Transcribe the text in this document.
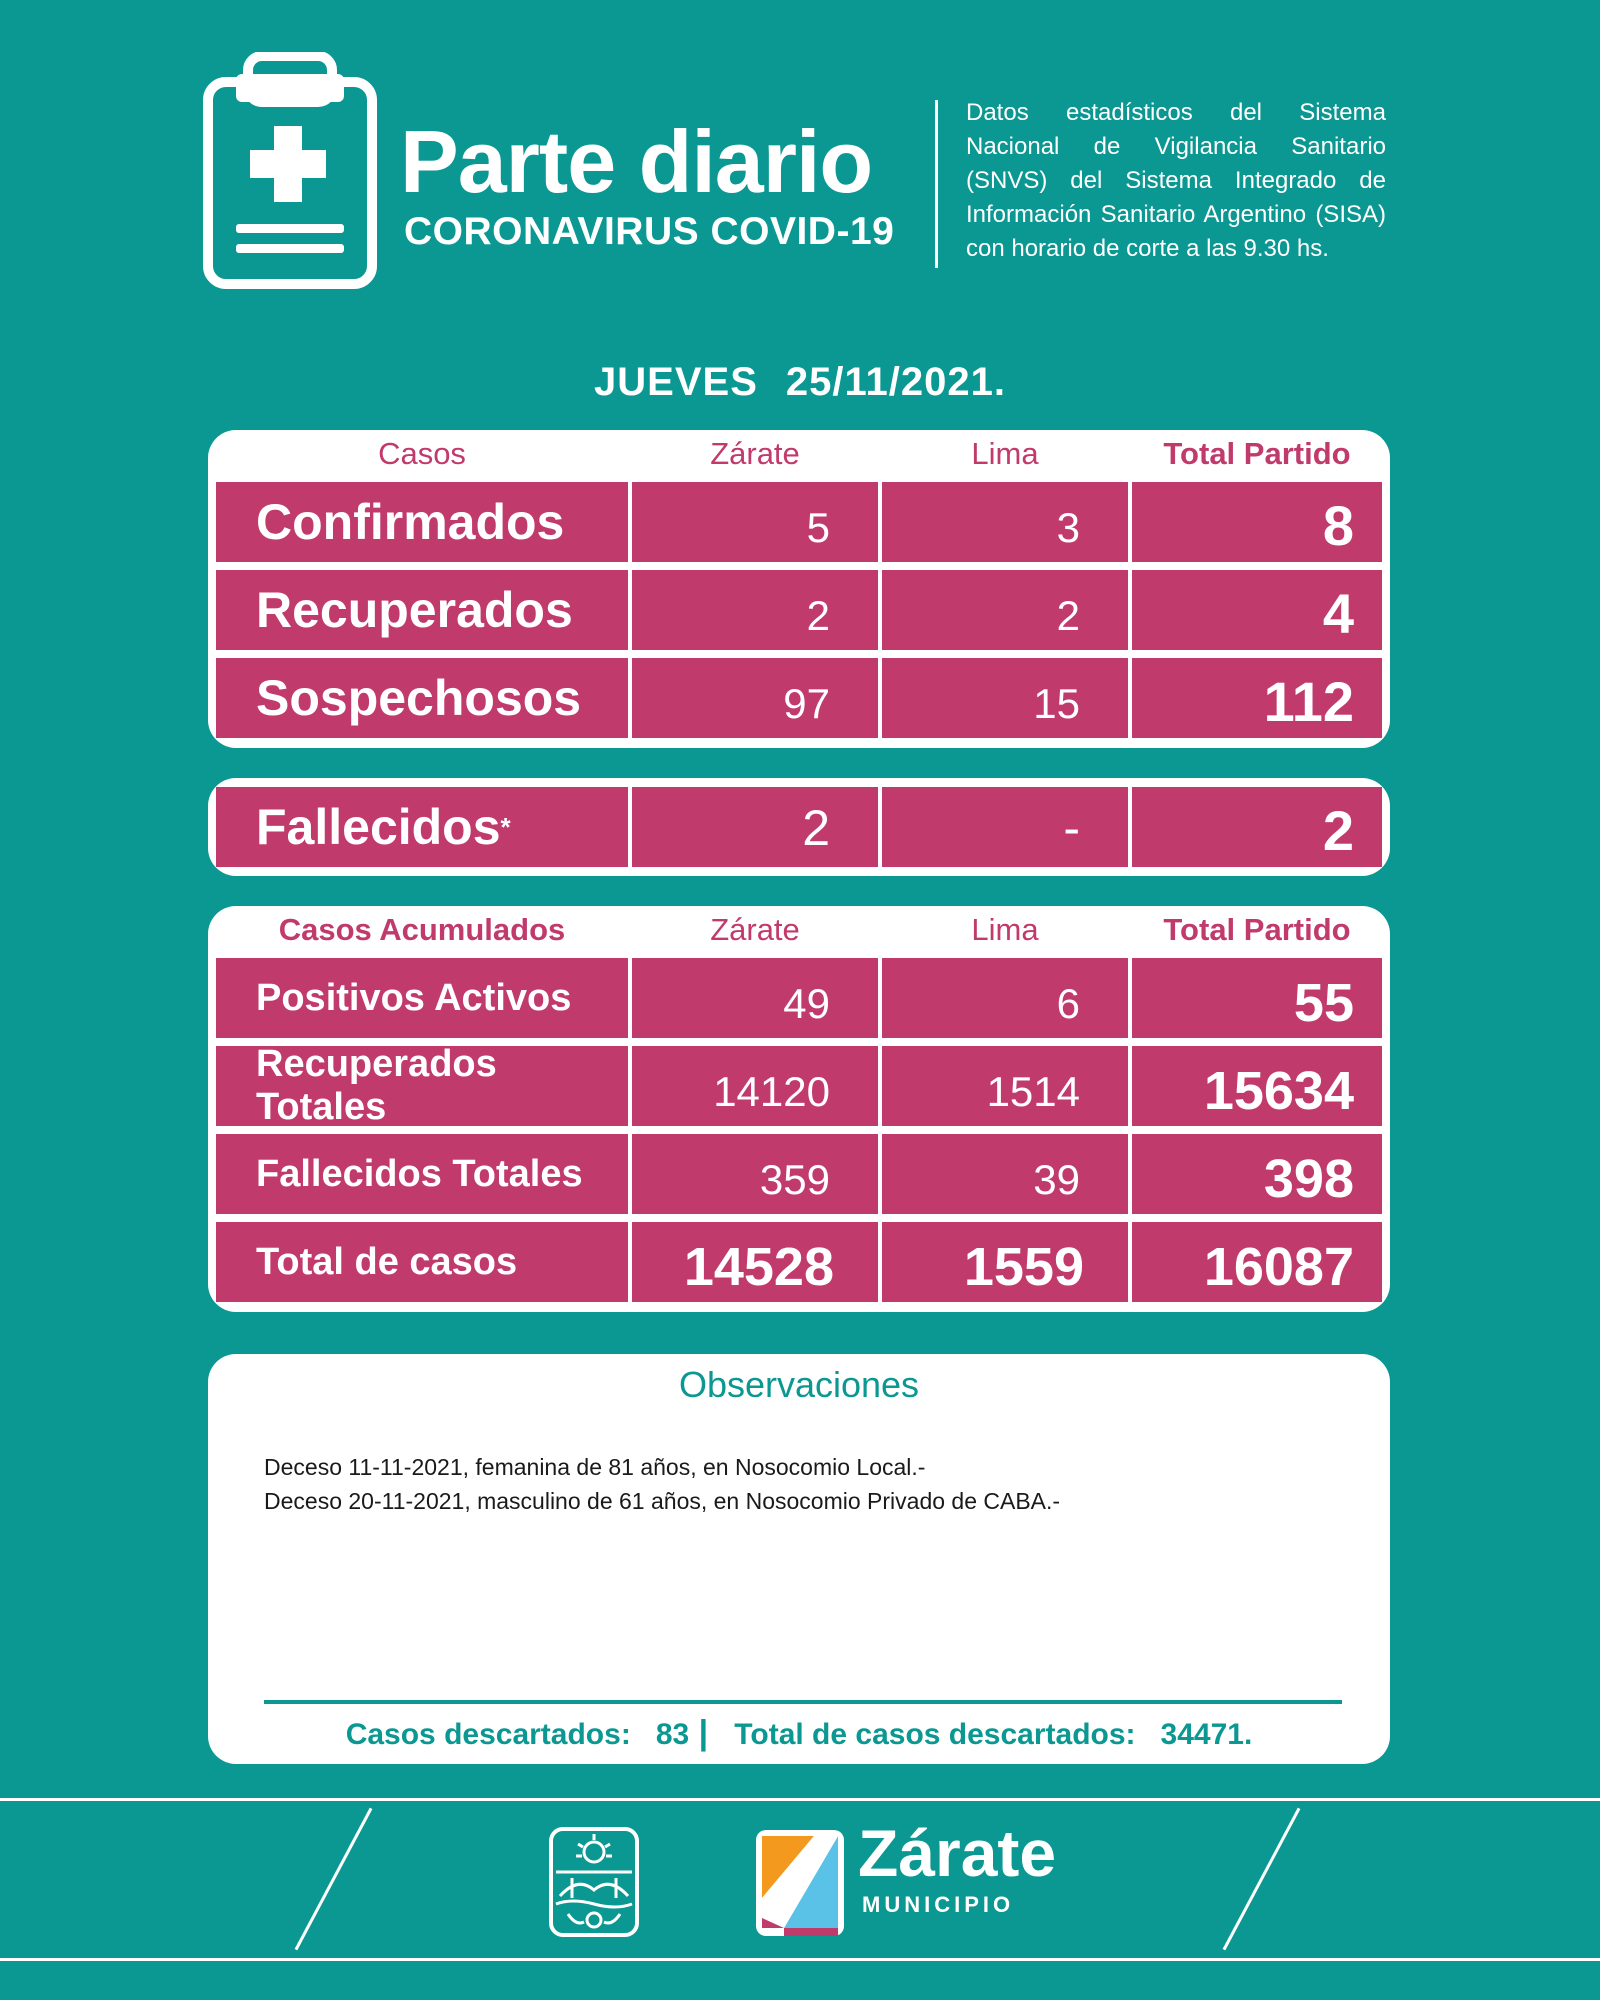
Parte diario
CORONAVIRUS COVID-19
Datos estadísticos del Sistema Nacional de Vigilancia Sanitario (SNVS) del Sistema Integrado de Información Sanitario Argentino (SISA) con horario de corte a las 9.30 hs.
JUEVES 25/11/2021.
Casos	Zárate	Lima	Total Partido
Confirmados	5	3	8
Recuperados	2	2	4
Sospechosos	97	15	112
Fallecidos *	2	-	2
Casos Acumulados	Zárate	Lima	Total Partido
Positivos Activos	49	6	55
Recuperados Totales	14120	1514	15634
Fallecidos Totales	359	39	398
Total de casos	14528	1559	16087
Observaciones
Deceso 11-11-2021, femanina de 81 años, en Nosocomio Local.-
Deceso 20-11-2021, masculino de 61 años, en Nosocomio Privado de CABA.-
Casos descartados: 83 |   Total de casos descartados: 34471.
Zárate
MUNICIPIO
